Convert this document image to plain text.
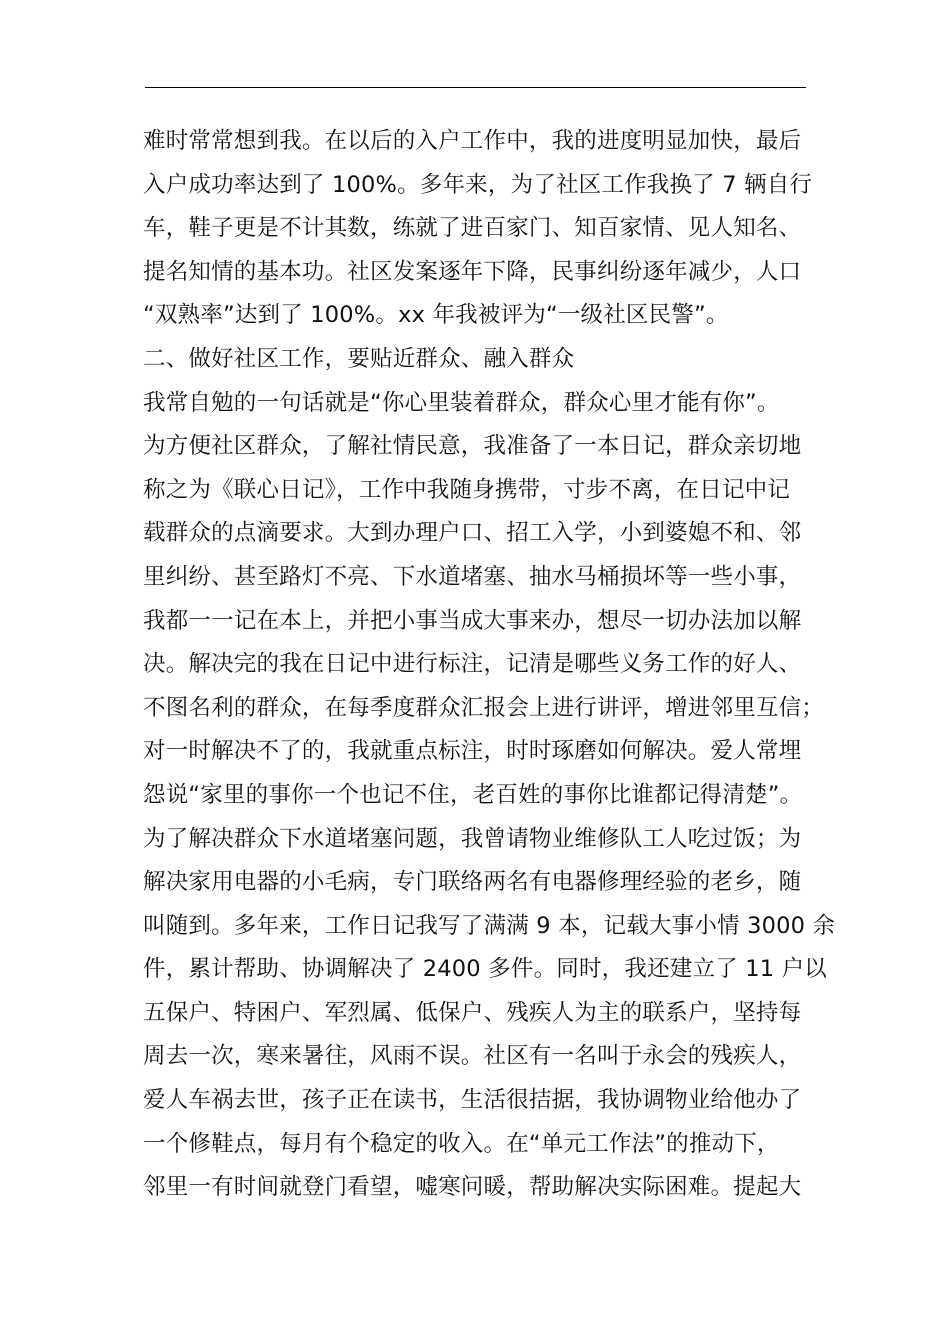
难时常常想到我。在以后的入户工作中，我的进度明显加快，最后
入户成功率达到了 100%。多年来，为了社区工作我换了 7 辆自行
车，鞋子更是不计其数，练就了进百家门、知百家情、见人知名、
提名知情的基本功。社区发案逐年下降，民事纠纷逐年减少，人口
“双熟率”达到了 100%。xx 年我被评为“一级社区民警”。
二、做好社区工作，要贴近群众、融入群众
我常自勉的一句话就是“你心里装着群众，群众心里才能有你”。
为方便社区群众，了解社情民意，我准备了一本日记，群众亲切地
称之为《联心日记》，工作中我随身携带，寸步不离，在日记中记
载群众的点滴要求。大到办理户口、招工入学，小到婆媳不和、邻
里纠纷、甚至路灯不亮、下水道堵塞、抽水马桶损坏等一些小事，
我都一一记在本上，并把小事当成大事来办，想尽一切办法加以解
决。解决完的我在日记中进行标注，记清是哪些义务工作的好人、
不图名利的群众，在每季度群众汇报会上进行讲评，增进邻里互信；
对一时解决不了的，我就重点标注，时时琢磨如何解决。爱人常埋
怨说“家里的事你一个也记不住，老百姓的事你比谁都记得清楚”。
为了解决群众下水道堵塞问题，我曾请物业维修队工人吃过饭；为
解决家用电器的小毛病，专门联络两名有电器修理经验的老乡，随
叫随到。多年来，工作日记我写了满满 9 本，记载大事小情 3000 余
件，累计帮助、协调解决了 2400 多件。同时，我还建立了 11 户以
五保户、特困户、军烈属、低保户、残疾人为主的联系户，坚持每
周去一次，寒来暑往，风雨不误。社区有一名叫于永会的残疾人，
爱人车祸去世，孩子正在读书，生活很拮据，我协调物业给他办了
一个修鞋点，每月有个稳定的收入。在“单元工作法”的推动下，
邻里一有时间就登门看望，嘘寒问暖，帮助解决实际困难。提起大
